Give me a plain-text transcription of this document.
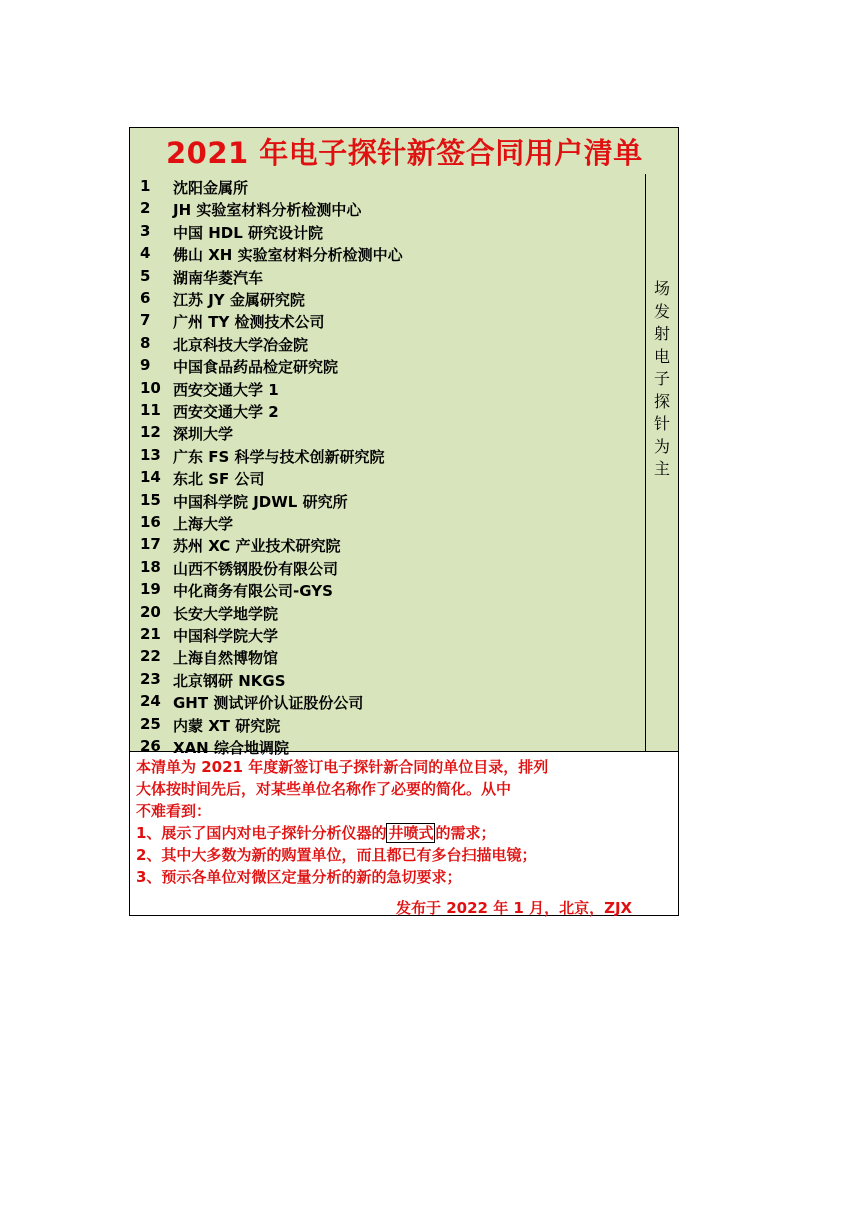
2021 年电子探针新签合同用户清单
1	沈阳金属所
2	JH 实验室材料分析检测中心
3	中国 HDL 研究设计院
4	佛山 XH 实验室材料分析检测中心
5	湖南华菱汽车
6	江苏 JY 金属研究院
7	广州 TY 检测技术公司
8	北京科技大学冶金院
9	中国食品药品检定研究院
10 西安交通大学 1
11 西安交通大学 2
12 深圳大学
13 广东 FS 科学与技术创新研究院
14 东北 SF 公司
15 中国科学院 JDWL 研究所
16 上海大学
17 苏州 XC 产业技术研究院
18 山西不锈钢股份有限公司
19 中化商务有限公司-GYS
20 长安大学地学院
21 中国科学院大学
22 上海自然博物馆
23 北京钢研 NKGS
24 GHT 测试评价认证股份公司
25 内蒙 XT 研究院
26 XAN 综合地调院
场
发
射
电
子
探
针
为
主
本清单为 2021 年度新签订电子探针新合同的单位目录，排列
大体按时间先后，对某些单位名称作了必要的简化。从中
不难看到：
1、展示了国内对电子探针分析仪器的 井喷式 的需求；
2、其中大多数为新的购置单位，而且都已有多台扫描电镜；
3、预示各单位对微区定量分析的新的急切要求；
发布于 2022 年 1 月，北京，ZJX
